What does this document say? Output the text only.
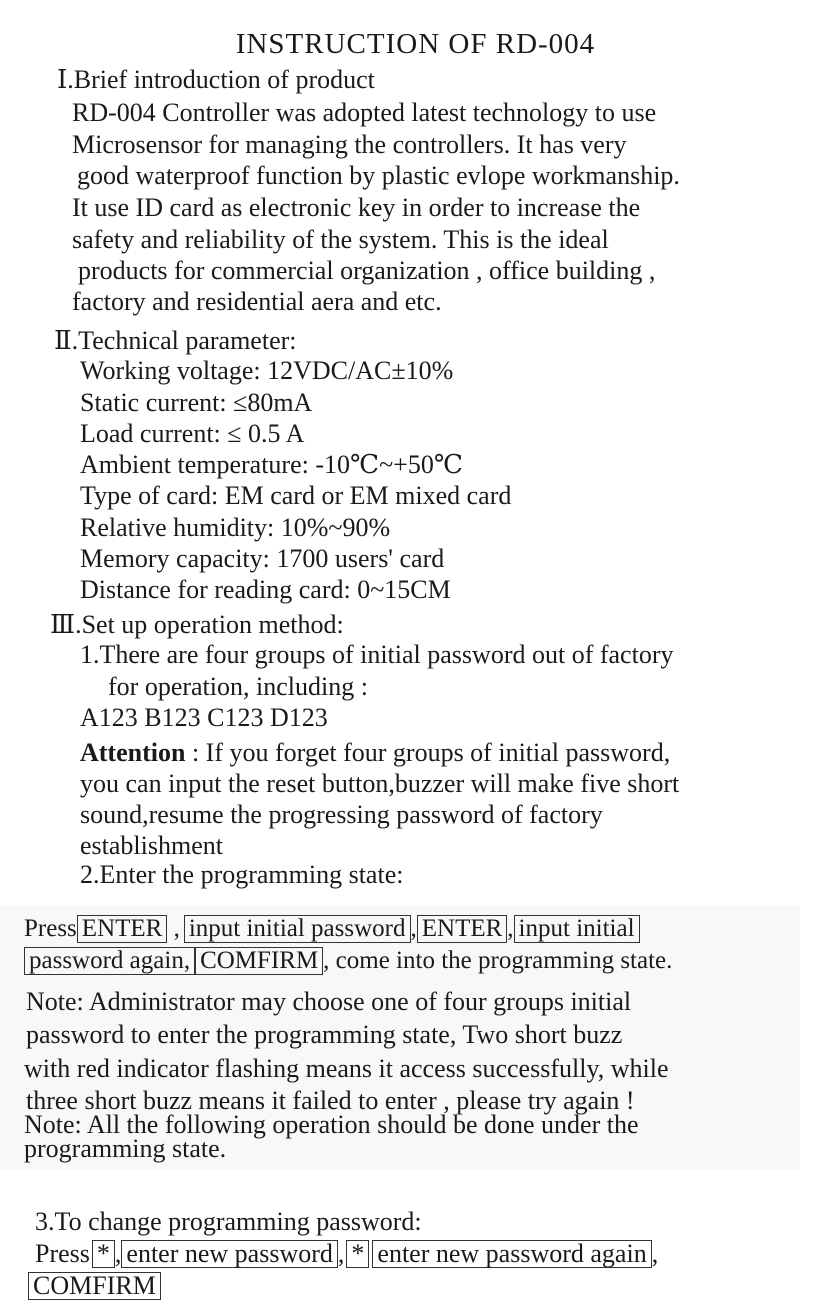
INSTRUCTION OF RD-004
Ⅰ.Brief introduction of product
RD-004 Controller was adopted latest technology to use
Microsensor for managing the controllers. It has very
good waterproof function by plastic evlope workmanship.
It use ID card as electronic key in order to increase the
safety and reliability of the system. This is the ideal
products for commercial organization , office building ,
factory and residential aera and etc.
Ⅱ.Technical parameter:
Working voltage: 12VDC/AC±10%
Static current: ≤80mA
Load current: ≤ 0.5 A
Ambient temperature: -10℃~+50℃
Type of card: EM card or EM mixed card
Relative humidity: 10%~90%
Memory capacity: 1700 users' card
Distance for reading card: 0~15CM
Ⅲ.Set up operation method:
1.There are four groups of initial password out of factory
for operation, including :
A123 B123 C123 D123
Attention : If you forget four groups of initial password,
you can input the reset button,buzzer will make five short
sound,resume the progressing password of factory
establishment
2.Enter the programming state:
Press ENTER , input initial password , ENTER , input initial
password again, COMFIRM , come into the programming state.
Note: Administrator may choose one of four groups initial
password to enter the programming state, Two short buzz
with red indicator flashing means it access successfully, while
three short buzz means it failed to enter , please try again !
Note: All the following operation should be done under the
programming state.
3.To change programming password:
Press * , enter new password , * enter new password again ,
COMFIRM
